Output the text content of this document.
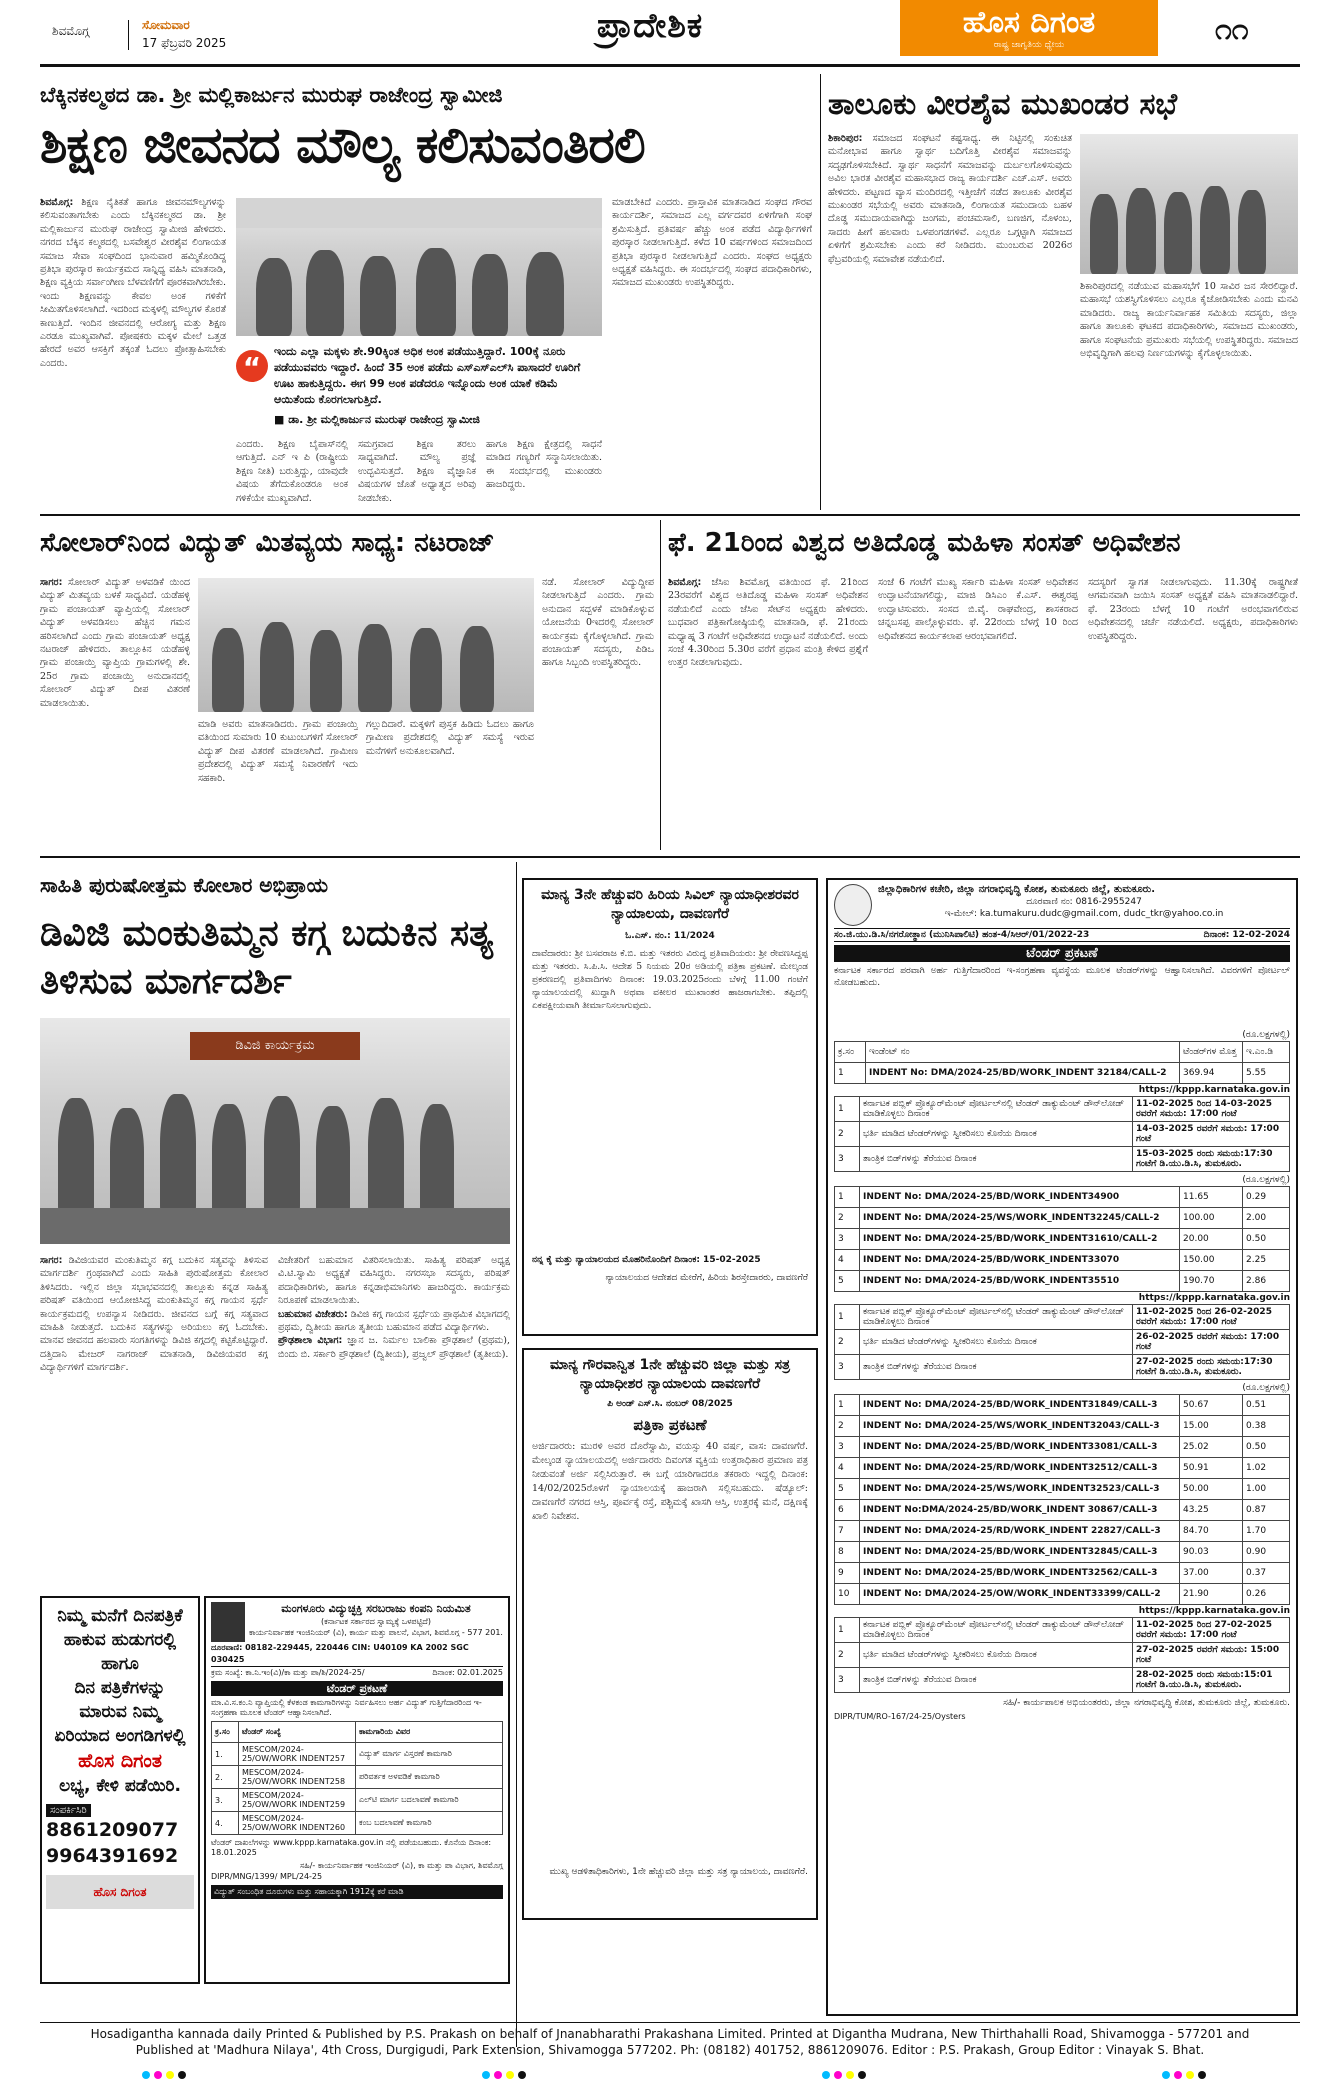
ಶಿವಮೊಗ್ಗ	ಸೋಮವಾರ
17 ಫೆಬ್ರವರಿ 2025	ಪ್ರಾದೇಶಿಕ	ಹೊಸ ದಿಗಂತ
ರಾಷ್ಟ್ರ ಜಾಗೃತಿಯ ಧ್ಯೇಯ	೧೧
ಬೆಕ್ಕಿನಕಲ್ಮಠದ ಡಾ. ಶ್ರೀ ಮಲ್ಲಿಕಾರ್ಜುನ ಮುರುಘ ರಾಜೇಂದ್ರ ಸ್ವಾಮೀಜಿ
ಶಿಕ್ಷಣ ಜೀವನದ ಮೌಲ್ಯ ಕಲಿಸುವಂತಿರಲಿ
ಶಿವಮೊಗ್ಗ: ಶಿಕ್ಷಣ ನೈತಿಕತೆ ಹಾಗೂ ಜೀವನಮೌಲ್ಯಗಳನ್ನು ಕಲಿಸುವಂತಾಗಬೇಕು ಎಂದು ಬೆಕ್ಕಿನಕಲ್ಮಠದ ಡಾ. ಶ್ರೀ ಮಲ್ಲಿಕಾರ್ಜುನ ಮುರುಘ ರಾಜೇಂದ್ರ ಸ್ವಾಮೀಜಿ ಹೇಳಿದರು. ನಗರದ ಬೆಕ್ಕಿನ ಕಲ್ಮಠದಲ್ಲಿ ಬಸವೇಶ್ವರ ವೀರಶೈವ ಲಿಂಗಾಯತ ಸಮಾಜ ಸೇವಾ ಸಂಘದಿಂದ ಭಾನುವಾರ ಹಮ್ಮಿಕೊಂಡಿದ್ದ ಪ್ರತಿಭಾ ಪುರಸ್ಕಾರ ಕಾರ್ಯಕ್ರಮದ ಸಾನ್ನಿಧ್ಯ ವಹಿಸಿ ಮಾತನಾಡಿ, ಶಿಕ್ಷಣ ವ್ಯಕ್ತಿಯ ಸರ್ವಾಂಗೀಣ ಬೆಳವಣಿಗೆಗೆ ಪೂರಕವಾಗಿರಬೇಕು. ಇಂದು ಶಿಕ್ಷಣವನ್ನು ಕೇವಲ ಅಂಕ ಗಳಿಕೆಗೆ ಸೀಮಿತಗೊಳಿಸಲಾಗಿದೆ. ಇದರಿಂದ ಮಕ್ಕಳಲ್ಲಿ ಮೌಲ್ಯಗಳ ಕೊರತೆ ಕಾಣುತ್ತಿದೆ. ಇಂದಿನ ಜೀವನದಲ್ಲಿ ಆರೋಗ್ಯ ಮತ್ತು ಶಿಕ್ಷಣ ಎರಡೂ ಮುಖ್ಯವಾಗಿವೆ. ಪೋಷಕರು ಮಕ್ಕಳ ಮೇಲೆ ಒತ್ತಡ ಹೇರದೆ ಅವರ ಆಸಕ್ತಿಗೆ ತಕ್ಕಂತೆ ಓದಲು ಪ್ರೋತ್ಸಾಹಿಸಬೇಕು ಎಂದರು.	“	ಇಂದು ಎಲ್ಲಾ ಮಕ್ಕಳು ಶೇ.90ಕ್ಕಿಂತ ಅಧಿಕ ಅಂಕ ಪಡೆಯುತ್ತಿದ್ದಾರೆ. 100ಕ್ಕೆ ನೂರು ಪಡೆಯುವವರು ಇದ್ದಾರೆ. ಹಿಂದೆ 35 ಅಂಕ ಪಡೆದು ಎಸ್‌ಎಸ್‌ಎಲ್‌ಸಿ ಪಾಸಾದರೆ ಊರಿಗೆ ಊಟ ಹಾಕುತ್ತಿದ್ದರು. ಈಗ 99 ಅಂಕ ಪಡೆದರೂ ಇನ್ನೊಂದು ಅಂಕ ಯಾಕೆ ಕಡಿಮೆ ಆಯಿತೆಂದು ಕೊರಗಲಾಗುತ್ತಿದೆ.
■ ಡಾ. ಶ್ರೀ ಮಲ್ಲಿಕಾರ್ಜುನ ಮುರುಘ ರಾಜೇಂದ್ರ ಸ್ವಾಮೀಜಿ
ಮಾಡಬೇಕಿದೆ ಎಂದರು. ಪ್ರಾಸ್ತಾವಿಕ ಮಾತನಾಡಿದ ಸಂಘದ ಗೌರವ ಕಾರ್ಯದರ್ಶಿ, ಸಮಾಜದ ಎಲ್ಲ ವರ್ಗದವರ ಏಳಿಗೆಗಾಗಿ ಸಂಘ ಶ್ರಮಿಸುತ್ತಿದೆ. ಪ್ರತಿವರ್ಷ ಹೆಚ್ಚು ಅಂಕ ಪಡೆದ ವಿದ್ಯಾರ್ಥಿಗಳಿಗೆ ಪುರಸ್ಕಾರ ನೀಡಲಾಗುತ್ತಿದೆ. ಕಳೆದ 10 ವರ್ಷಗಳಿಂದ ಸಮಾಜದಿಂದ ಪ್ರತಿಭಾ ಪುರಸ್ಕಾರ ನೀಡಲಾಗುತ್ತಿದೆ ಎಂದರು. ಸಂಘದ ಅಧ್ಯಕ್ಷರು ಅಧ್ಯಕ್ಷತೆ ವಹಿಸಿದ್ದರು. ಈ ಸಂದರ್ಭದಲ್ಲಿ ಸಂಘದ ಪದಾಧಿಕಾರಿಗಳು, ಸಮಾಜದ ಮುಖಂಡರು ಉಪಸ್ಥಿತರಿದ್ದರು.
ಎಂದರು. ಶಿಕ್ಷಣ ಬೈಪಾಸ್‌ನಲ್ಲಿ ಆಗುತ್ತಿದೆ. ಎನ್ ಇ ಪಿ (ರಾಷ್ಟ್ರೀಯ ಶಿಕ್ಷಣ ನೀತಿ) ಬರುತ್ತಿದ್ದು, ಯಾವುದೇ ವಿಷಯ ತೆಗೆದುಕೊಂಡರೂ ಅಂಕ ಗಳಿಕೆಯೇ ಮುಖ್ಯವಾಗಿದೆ.
ಸಮಗ್ರವಾದ ಶಿಕ್ಷಣ ತರಲು ಸಾಧ್ಯವಾಗಿದೆ. ಮೌಲ್ಯ ಪ್ರಜ್ಞೆ ಉದ್ಭವಿಸುತ್ತದೆ. ಶಿಕ್ಷಣ ವೈಜ್ಞಾನಿಕ ವಿಷಯಗಳ ಜೊತೆ ಅಧ್ಯಾತ್ಮದ ಅರಿವು ನೀಡಬೇಕು.
ಹಾಗೂ ಶಿಕ್ಷಣ ಕ್ಷೇತ್ರದಲ್ಲಿ ಸಾಧನೆ ಮಾಡಿದ ಗಣ್ಯರಿಗೆ ಸನ್ಮಾನಿಸಲಾಯಿತು. ಈ ಸಂದರ್ಭದಲ್ಲಿ ಮುಖಂಡರು ಹಾಜರಿದ್ದರು.
ತಾಲೂಕು ವೀರಶೈವ ಮುಖಂಡರ ಸಭೆ
ಶಿಕಾರಿಪುರ: ಸಮಾಜದ ಸಂಘಟನೆ ಕಷ್ಟಸಾಧ್ಯ. ಈ ನಿಟ್ಟಿನಲ್ಲಿ ಸಂಕುಚಿತ ಮನೋಭಾವ ಹಾಗೂ ಸ್ವಾರ್ಥ ಬದಿಗೊತ್ತಿ ವೀರಶೈವ ಸಮಾಜವನ್ನು ಸದೃಢಗೊಳಿಸಬೇಕಿದೆ. ಸ್ವಾರ್ಥ ಸಾಧನೆಗೆ ಸಮಾಜವನ್ನು ದುರ್ಬಲಗೊಳಿಸುವುದು ಅವಿಲ ಭಾರತ ವೀರಶೈವ ಮಹಾಸಭಾದ ರಾಜ್ಯ ಕಾರ್ಯದರ್ಶಿ ಎಚ್.ಎಸ್. ಅವರು ಹೇಳಿದರು. ಪಟ್ಟಣದ ವ್ಯಾಸ ಮಂದಿರದಲ್ಲಿ ಇತ್ತೀಚೆಗೆ ನಡೆದ ತಾಲೂಕು ವೀರಶೈವ ಮುಖಂಡರ ಸಭೆಯಲ್ಲಿ ಅವರು ಮಾತನಾಡಿ, ಲಿಂಗಾಯತ ಸಮುದಾಯ ಬಹಳ ದೊಡ್ಡ ಸಮುದಾಯವಾಗಿದ್ದು ಜಂಗಮ, ಪಂಚಮಸಾಲಿ, ಬಣಜಿಗ, ನೊಳಂಬ, ಸಾದರು ಹೀಗೆ ಹಲವಾರು ಒಳಪಂಗಡಗಳಿವೆ. ಎಲ್ಲರೂ ಒಗ್ಗಟ್ಟಾಗಿ ಸಮಾಜದ ಏಳಿಗೆಗೆ ಶ್ರಮಿಸಬೇಕು ಎಂದು ಕರೆ ನೀಡಿದರು. ಮುಂಬರುವ 2026ರ ಫೆಬ್ರವರಿಯಲ್ಲಿ ಸಮಾವೇಶ ನಡೆಯಲಿದೆ.
ಶಿಕಾರಿಪುರದಲ್ಲಿ ನಡೆಯುವ ಮಹಾಸಭೆಗೆ 10 ಸಾವಿರ ಜನ ಸೇರಲಿದ್ದಾರೆ. ಮಹಾಸಭೆ ಯಶಸ್ವಿಗೊಳಿಸಲು ಎಲ್ಲರೂ ಕೈಜೋಡಿಸಬೇಕು ಎಂದು ಮನವಿ ಮಾಡಿದರು. ರಾಜ್ಯ ಕಾರ್ಯನಿರ್ವಾಹಕ ಸಮಿತಿಯ ಸದಸ್ಯರು, ಜಿಲ್ಲಾ ಹಾಗೂ ತಾಲೂಕು ಘಟಕದ ಪದಾಧಿಕಾರಿಗಳು, ಸಮಾಜದ ಮುಖಂಡರು, ಹಾಗೂ ಸಂಘಟನೆಯ ಪ್ರಮುಖರು ಸಭೆಯಲ್ಲಿ ಉಪಸ್ಥಿತರಿದ್ದರು. ಸಮಾಜದ ಅಭಿವೃದ್ಧಿಗಾಗಿ ಹಲವು ನಿರ್ಣಯಗಳನ್ನು ಕೈಗೊಳ್ಳಲಾಯಿತು.
ಸೋಲಾರ್‌ನಿಂದ ವಿದ್ಯುತ್ ಮಿತವ್ಯಯ ಸಾಧ್ಯ: ನಟರಾಜ್
ಸಾಗರ: ಸೋಲಾರ್ ವಿದ್ಯುತ್ ಅಳವಡಿಕೆ ಯಿಂದ ವಿದ್ಯುತ್ ಮಿತವ್ಯಯ ಬಳಕೆ ಸಾಧ್ಯವಿದೆ. ಯಡೆಹಳ್ಳಿ ಗ್ರಾಮ ಪಂಚಾಯತ್ ವ್ಯಾಪ್ತಿಯಲ್ಲಿ ಸೋಲಾರ್ ವಿದ್ಯುತ್ ಅಳವಡಿಸಲು ಹೆಚ್ಚಿನ ಗಮನ ಹರಿಸಲಾಗಿದೆ ಎಂದು ಗ್ರಾಮ ಪಂಚಾಯತ್ ಅಧ್ಯಕ್ಷ ನಟರಾಜ್ ಹೇಳಿದರು. ತಾಲ್ಲೂಕಿನ ಯಡೆಹಳ್ಳಿ ಗ್ರಾಮ ಪಂಚಾಯ್ತಿ ವ್ಯಾಪ್ತಿಯ ಗ್ರಾಮಗಳಲ್ಲಿ ಶೇ. 25ರ ಗ್ರಾಮ ಪಂಚಾಯ್ತಿ ಅನುದಾನದಲ್ಲಿ ಸೋಲಾರ್ ವಿದ್ಯುತ್ ದೀಪ ವಿತರಣೆ ಮಾಡಲಾಯಿತು.
ಮಾಡಿ ಅವರು ಮಾತನಾಡಿದರು. ಗ್ರಾಮ ಪಂಚಾಯ್ತಿ ವತಿಯಿಂದ ಸುಮಾರು 10 ಕುಟುಂಬಗಳಿಗೆ ಸೋಲಾರ್ ವಿದ್ಯುತ್ ದೀಪ ವಿತರಣೆ ಮಾಡಲಾಗಿದೆ. ಗ್ರಾಮೀಣ ಪ್ರದೇಶದಲ್ಲಿ ವಿದ್ಯುತ್ ಸಮಸ್ಯೆ ನಿವಾರಣೆಗೆ ಇದು ಸಹಕಾರಿ.
ಗಲ್ಲುದಿದಾರೆ. ಮಕ್ಕಳಿಗೆ ಪುಸ್ತಕ ಹಿಡಿದು ಓದಲು ಹಾಗೂ ಗ್ರಾಮೀಣ ಪ್ರದೇಶದಲ್ಲಿ ವಿದ್ಯುತ್ ಸಮಸ್ಯೆ ಇರುವ ಮನೆಗಳಿಗೆ ಅನುಕೂಲವಾಗಿದೆ.
ನಡೆ. ಸೋಲಾರ್ ವಿದ್ಯುದ್ದೀಪ ನೀಡಲಾಗುತ್ತಿದೆ ಎಂದರು. ಗ್ರಾಮ ಅನುದಾನ ಸದ್ಬಳಕೆ ಮಾಡಿಕೊಳ್ಳುವ ಯೋಜನೆಯ 0ಇದರಲ್ಲಿ ಸೋಲಾರ್ ಕಾರ್ಯಕ್ರಮ ಕೈಗೊಳ್ಳಲಾಗಿದೆ. ಗ್ರಾಮ ಪಂಚಾಯತ್ ಸದಸ್ಯರು, ಪಿಡಿಒ ಹಾಗೂ ಸಿಬ್ಬಂದಿ ಉಪಸ್ಥಿತರಿದ್ದರು.
ಫೆ. 21ರಿಂದ ವಿಶ್ವದ ಅತಿದೊಡ್ಡ ಮಹಿಳಾ ಸಂಸತ್ ಅಧಿವೇಶನ
ಶಿವಮೊಗ್ಗ: ಜೆಸಿಐ ಶಿವಮೊಗ್ಗ ವತಿಯಿಂದ ಫೆ. 21ರಿಂದ 23ರವರೆಗೆ ವಿಶ್ವದ ಅತಿದೊಡ್ಡ ಮಹಿಳಾ ಸಂಸತ್ ಅಧಿವೇಶನ ನಡೆಯಲಿದೆ ಎಂದು ಜೆಸಿಐ ಸೇಟ್‌ನ ಅಧ್ಯಕ್ಷರು ಹೇಳಿದರು. ಬುಧವಾರ ಪತ್ರಿಕಾಗೋಷ್ಠಿಯಲ್ಲಿ ಮಾತನಾಡಿ, ಫೆ. 21ರಂದು ಮಧ್ಯಾಹ್ನ 3 ಗಂಟೆಗೆ ಅಧಿವೇಶನದ ಉದ್ಘಾಟನೆ ನಡೆಯಲಿದೆ. ಅಂದು ಸಂಜೆ 4.30ರಿಂದ 5.30ರ ವರೆಗೆ ಪ್ರಧಾನ ಮಂತ್ರಿ ಕೇಳಿದ ಪ್ರಶ್ನೆಗೆ ಉತ್ತರ ನೀಡಲಾಗುವುದು.
ಸಂಜೆ 6 ಗಂಟೆಗೆ ಮುಖ್ಯ ಸರ್ಕಾರಿ ಮಹಿಳಾ ಸಂಸತ್ ಅಧಿವೇಶನ ಉದ್ಘಾಟನೆಯಾಗಲಿದ್ದು, ಮಾಜಿ ಡಿಸಿಎಂ ಕೆ.ಎಸ್. ಈಶ್ವರಪ್ಪ ಉದ್ಘಾಟಿಸುವರು. ಸಂಸದ ಬಿ.ವೈ. ರಾಘವೇಂದ್ರ, ಶಾಸಕರಾದ ಚನ್ನಬಸಪ್ಪ ಪಾಲ್ಗೊಳ್ಳುವರು. ಫೆ. 22ರಂದು ಬೆಳಗ್ಗೆ 10 ರಿಂದ ಅಧಿವೇಶನದ ಕಾರ್ಯಕಲಾಪ ಆರಂಭವಾಗಲಿದೆ.
ಸದಸ್ಯರಿಗೆ ಸ್ವಾಗತ ನೀಡಲಾಗುವುದು. 11.30ಕ್ಕೆ ರಾಷ್ಟ್ರಗೀತೆ ಆಗಮನವಾಗಿ ಜಯಿಸಿ ಸಂಸತ್ ಅಧ್ಯಕ್ಷತೆ ವಹಿಸಿ ಮಾತನಾಡಲಿದ್ದಾರೆ. ಫೆ. 23ರಂದು ಬೆಳಗ್ಗೆ 10 ಗಂಟೆಗೆ ಅರಂಭವಾಗಲಿರುವ ಅಧಿವೇಶನದಲ್ಲಿ ಚರ್ಚೆ ನಡೆಯಲಿದೆ. ಅಧ್ಯಕ್ಷರು, ಪದಾಧಿಕಾರಿಗಳು ಉಪಸ್ಥಿತರಿದ್ದರು.
ಸಾಹಿತಿ ಪುರುಷೋತ್ತಮ ಕೋಲಾರ ಅಭಿಪ್ರಾಯ
ಡಿವಿಜಿ ಮಂಕುತಿಮ್ಮನ ಕಗ್ಗ ಬದುಕಿನ ಸತ್ಯ ತಿಳಿಸುವ ಮಾರ್ಗದರ್ಶಿ
ಡಿವಿಜಿ ಕಾರ್ಯಕ್ರಮ
ಸಾಗರ: ಡಿವಿಜಿಯವರ ಮಂಕುತಿಮ್ಮನ ಕಗ್ಗ ಬದುಕಿನ ಸತ್ಯವನ್ನು ತಿಳಿಸುವ ಮಾರ್ಗದರ್ಶಿ ಗ್ರಂಥವಾಗಿದೆ ಎಂದು ಸಾಹಿತಿ ಪುರುಷೋತ್ತಮ ಕೋಲಾರ ತಿಳಿಸಿದರು. ಇಲ್ಲಿನ ಜಿಲ್ಲಾ ಸಭಾಭವನದಲ್ಲಿ ತಾಲ್ಲೂಕು ಕನ್ನಡ ಸಾಹಿತ್ಯ ಪರಿಷತ್ ವತಿಯಿಂದ ಆಯೋಜಿಸಿದ್ದ ಮಂಕುತಿಮ್ಮನ ಕಗ್ಗ ಗಾಯನ ಸ್ಪರ್ಧೆ ಕಾರ್ಯಕ್ರಮದಲ್ಲಿ ಉಪನ್ಯಾಸ ನೀಡಿದರು. ಜೀವನದ ಬಗ್ಗೆ ಕಗ್ಗ ಸತ್ಯವಾದ ಮಾಹಿತಿ ನೀಡುತ್ತದೆ. ಬದುಕಿನ ಸತ್ಯಗಳನ್ನು ಅರಿಯಲು ಕಗ್ಗ ಓದಬೇಕು. ಮಾನವ ಜೀವನದ ಹಲವಾರು ಸಂಗತಿಗಳನ್ನು ಡಿವಿಜಿ ಕಗ್ಗದಲ್ಲಿ ಕಟ್ಟಿಕೊಟ್ಟಿದ್ದಾರೆ. ದತ್ತಿದಾನಿ ಮೇಜರ್ ನಾಗರಾಜ್ ಮಾತನಾಡಿ, ಡಿವಿಜಿಯವರ ಕಗ್ಗ ವಿದ್ಯಾರ್ಥಿಗಳಿಗೆ ಮಾರ್ಗದರ್ಶಿ.
ವಿಜೇತರಿಗೆ ಬಹುಮಾನ ವಿತರಿಸಲಾಯಿತು. ಸಾಹಿತ್ಯ ಪರಿಷತ್ ಅಧ್ಯಕ್ಷ ವಿ.ಟಿ.ಸ್ವಾಮಿ ಅಧ್ಯಕ್ಷತೆ ವಹಿಸಿದ್ದರು. ನಗರಸಭಾ ಸದಸ್ಯರು, ಪರಿಷತ್ ಪದಾಧಿಕಾರಿಗಳು, ಹಾಗೂ ಕನ್ನಡಾಭಿಮಾನಿಗಳು ಹಾಜರಿದ್ದರು. ಕಾರ್ಯಕ್ರಮ ನಿರೂಪಣೆ ಮಾಡಲಾಯಿತು.
ಬಹುಮಾನ ವಿಜೇತರು: ಡಿವಿಜಿ ಕಗ್ಗ ಗಾಯನ ಸ್ಪರ್ಧೆಯ ಪ್ರಾಥಮಿಕ ವಿಭಾಗದಲ್ಲಿ ಪ್ರಥಮ, ದ್ವಿತೀಯ ಹಾಗೂ ತೃತೀಯ ಬಹುಮಾನ ಪಡೆದ ವಿದ್ಯಾರ್ಥಿಗಳು.
ಪ್ರೌಢಶಾಲಾ ವಿಭಾಗ: ಜ್ಞಾನ ಜ. ನಿರ್ಮಲ ಬಾಲಿಕಾ ಪ್ರೌಢಶಾಲೆ (ಪ್ರಥಮ), ಬಿಂದು ಬಿ. ಸರ್ಕಾರಿ ಪ್ರೌಢಶಾಲೆ (ದ್ವಿತೀಯ), ಪ್ರಜ್ವಲ್ ಪ್ರೌಢಶಾಲೆ (ತೃತೀಯ).
ಮಾನ್ಯ 3ನೇ ಹೆಚ್ಚುವರಿ ಹಿರಿಯ ಸಿವಿಲ್ ನ್ಯಾಯಾಧೀಶರವರ ನ್ಯಾಯಾಲಯ, ದಾವಣಗೆರೆ
ಓ.ಎಸ್. ನಂ.: 11/2024
ದಾವೆದಾರರು: ಶ್ರೀ ಬಸವರಾಜ ಕೆ.ಬಿ. ಮತ್ತು ಇತರರು ವಿರುದ್ಧ ಪ್ರತಿವಾದಿಯರು: ಶ್ರೀ ರೇವಣಸಿದ್ದಪ್ಪ ಮತ್ತು ಇತರರು. ಸಿ.ಪಿ.ಸಿ. ಆದೇಶ 5 ನಿಯಮ 20ರ ಅಡಿಯಲ್ಲಿ ಪತ್ರಿಕಾ ಪ್ರಕಟಣೆ. ಮೇಲ್ಕಂಡ ಪ್ರಕರಣದಲ್ಲಿ ಪ್ರತಿವಾದಿಗಳು ದಿನಾಂಕ: 19.03.2025ರಂದು ಬೆಳಗ್ಗೆ 11.00 ಗಂಟೆಗೆ ನ್ಯಾಯಾಲಯದಲ್ಲಿ ಖುದ್ದಾಗಿ ಅಥವಾ ವಕೀಲರ ಮುಖಾಂತರ ಹಾಜರಾಗಬೇಕು. ತಪ್ಪಿದಲ್ಲಿ ಏಕಪಕ್ಷೀಯವಾಗಿ ತೀರ್ಮಾನಿಸಲಾಗುವುದು.
ನನ್ನ ಕೈ ಮತ್ತು ನ್ಯಾಯಾಲಯದ ಮೊಹರಿನೊಂದಿಗೆ ದಿನಾಂಕ: 15-02-2025
ನ್ಯಾಯಾಲಯದ ಆದೇಶದ ಮೇರೆಗೆ, ಹಿರಿಯ ಶಿರಸ್ತೇದಾರರು, ದಾವಣಗೆರೆ
ಮಾನ್ಯ ಗೌರವಾನ್ವಿತ 1ನೇ ಹೆಚ್ಚುವರಿ ಜಿಲ್ಲಾ ಮತ್ತು ಸತ್ರ ನ್ಯಾಯಾಧೀಶರ ನ್ಯಾಯಾಲಯ ದಾವಣಗೆರೆ
ಪಿ ಅಂಡ್ ಎಸ್.ಸಿ. ನಂಬರ್ 08/2025
ಪತ್ರಿಕಾ ಪ್ರಕಟಣೆ
ಅರ್ಜಿದಾರರು: ಮುರಳಿ ಅವರ ದೊರೆಸ್ವಾಮಿ, ವಯಸ್ಸು 40 ವರ್ಷ, ವಾಸ: ದಾವಣಗೆರೆ. ಮೇಲ್ಕಂಡ ನ್ಯಾಯಾಲಯದಲ್ಲಿ ಅರ್ಜಿದಾರರು ದಿವಂಗತ ವ್ಯಕ್ತಿಯ ಉತ್ತರಾಧಿಕಾರ ಪ್ರಮಾಣ ಪತ್ರ ನೀಡುವಂತೆ ಅರ್ಜಿ ಸಲ್ಲಿಸಿರುತ್ತಾರೆ. ಈ ಬಗ್ಗೆ ಯಾರಿಗಾದರೂ ತಕರಾರು ಇದ್ದಲ್ಲಿ ದಿನಾಂಕ: 14/02/2025ರೊಳಗೆ ನ್ಯಾಯಾಲಯಕ್ಕೆ ಹಾಜರಾಗಿ ಸಲ್ಲಿಸಬಹುದು. ಷೆಡ್ಯೂಲ್: ದಾವಣಗೆರೆ ನಗರದ ಆಸ್ತಿ, ಪೂರ್ವಕ್ಕೆ ರಸ್ತೆ, ಪಶ್ಚಿಮಕ್ಕೆ ಖಾಸಗಿ ಆಸ್ತಿ, ಉತ್ತರಕ್ಕೆ ಮನೆ, ದಕ್ಷಿಣಕ್ಕೆ ಖಾಲಿ ನಿವೇಶನ.
ಮುಖ್ಯ ಆಡಳಿತಾಧಿಕಾರಿಗಳು, 1ನೇ ಹೆಚ್ಚುವರಿ ಜಿಲ್ಲಾ ಮತ್ತು ಸತ್ರ ನ್ಯಾಯಾಲಯ, ದಾವಣಗೆರೆ.
ಜಿಲ್ಲಾಧಿಕಾರಿಗಳ ಕಚೇರಿ, ಜಿಲ್ಲಾ ನಗರಾಭಿವೃದ್ಧಿ ಕೋಶ, ತುಮಕೂರು ಜಿಲ್ಲೆ, ತುಮಕೂರು.
ದೂರವಾಣಿ ನಂ: 0816-2955247
ಇ-ಮೇಲ್: ka.tumakuru.dudc@gmail.com, dudc_tkr@yahoo.co.in
ಸಂ.ಜಿ.ಯು.ಡಿ.ಸಿ/ನಗರೋತ್ಥಾನ (ಮುನಿಸಿಪಾಲಿಟಿ) ಹಂತ-4/ಸಿಆರ್/01/2022-23	ದಿನಾಂಕ: 12-02-2024
ಟೆಂಡರ್ ಪ್ರಕಟಣೆ
ಕರ್ನಾಟಕ ಸರ್ಕಾರದ ಪರವಾಗಿ ಅರ್ಹ ಗುತ್ತಿಗೆದಾರರಿಂದ ಇ-ಸಂಗ್ರಹಣಾ ವ್ಯವಸ್ಥೆಯ ಮೂಲಕ ಟೆಂಡರ್‌ಗಳನ್ನು ಆಹ್ವಾನಿಸಲಾಗಿದೆ. ವಿವರಗಳಿಗೆ ಪೋರ್ಟಲ್ ನೋಡಬಹುದು.
(ರೂ.ಲಕ್ಷಗಳಲ್ಲಿ)
ಕ್ರ.ಸಂ	ಇಂಡೆಂಟ್ ನಂ	ಟೆಂಡರ್‌ಗಳ ಮೊತ್ತ	ಇ.ಎಂ.ಡಿ
1	INDENT No: DMA/2024-25/BD/WORK_INDENT 32184/CALL-2	369.94	5.55
https://kppp.karnataka.gov.in
1	ಕರ್ನಾಟಕ ಪಬ್ಲಿಕ್ ಪ್ರೊಕ್ಯೂರ್‌ಮೆಂಟ್ ಪೋರ್ಟಲ್‌ನಲ್ಲಿ ಟೆಂಡರ್ ಡಾಕ್ಯುಮೆಂಟ್ ಡೌನ್‌ಲೋಡ್ ಮಾಡಿಕೊಳ್ಳಲು ದಿನಾಂಕ	11-02-2025 ರಿಂದ 14-03-2025 ರವರೆಗೆ ಸಮಯ: 17:00 ಗಂಟೆ
2	ಭರ್ತಿ ಮಾಡಿದ ಟೆಂಡರ್‌ಗಳನ್ನು ಸ್ವೀಕರಿಸಲು ಕೊನೆಯ ದಿನಾಂಕ	14-03-2025 ರವರೆಗೆ ಸಮಯ: 17:00 ಗಂಟೆ
3	ತಾಂತ್ರಿಕ ಬಿಡ್‌ಗಳನ್ನು ತೆರೆಯುವ ದಿನಾಂಕ	15-03-2025 ರಂದು ಸಮಯ:17:30 ಗಂಟೆಗೆ ಡಿ.ಯು.ಡಿ.ಸಿ, ತುಮಕೂರು.
(ರೂ.ಲಕ್ಷಗಳಲ್ಲಿ)
1	INDENT No: DMA/2024-25/BD/WORK_INDENT34900	11.65	0.29
2	INDENT No: DMA/2024-25/WS/WORK_INDENT32245/CALL-2	100.00	2.00
3	INDENT No: DMA/2024-25/BD/WORK_INDENT31610/CALL-2	20.00	0.50
4	INDENT No: DMA/2024-25/BD/WORK_INDENT33070	150.00	2.25
5	INDENT No: DMA/2024-25/BD/WORK_INDENT35510	190.70	2.86
https://kppp.karnataka.gov.in
1	ಕರ್ನಾಟಕ ಪಬ್ಲಿಕ್ ಪ್ರೊಕ್ಯೂರ್‌ಮೆಂಟ್ ಪೋರ್ಟಲ್‌ನಲ್ಲಿ ಟೆಂಡರ್ ಡಾಕ್ಯುಮೆಂಟ್ ಡೌನ್‌ಲೋಡ್ ಮಾಡಿಕೊಳ್ಳಲು ದಿನಾಂಕ	11-02-2025 ರಿಂದ 26-02-2025 ರವರೆಗೆ ಸಮಯ: 17:00 ಗಂಟೆ
2	ಭರ್ತಿ ಮಾಡಿದ ಟೆಂಡರ್‌ಗಳನ್ನು ಸ್ವೀಕರಿಸಲು ಕೊನೆಯ ದಿನಾಂಕ	26-02-2025 ರವರೆಗೆ ಸಮಯ: 17:00 ಗಂಟೆ
3	ತಾಂತ್ರಿಕ ಬಿಡ್‌ಗಳನ್ನು ತೆರೆಯುವ ದಿನಾಂಕ	27-02-2025 ರಂದು ಸಮಯ:17:30 ಗಂಟೆಗೆ ಡಿ.ಯು.ಡಿ.ಸಿ, ತುಮಕೂರು.
(ರೂ.ಲಕ್ಷಗಳಲ್ಲಿ)
1	INDENT No: DMA/2024-25/BD/WORK_INDENT31849/CALL-3	50.67	0.51
2	INDENT No: DMA/2024-25/WS/WORK_INDENT32043/CALL-3	15.00	0.38
3	INDENT No: DMA/2024-25/BD/WORK_INDENT33081/CALL-3	25.02	0.50
4	INDENT No: DMA/2024-25/RD/WORK_INDENT32512/CALL-3	50.91	1.02
5	INDENT No: DMA/2024-25/WS/WORK_INDENT32523/CALL-3	50.00	1.00
6	INDENT No:DMA/2024-25/BD/WORK_INDENT 30867/CALL-3	43.25	0.87
7	INDENT No: DMA/2024-25/RD/WORK_INDENT 22827/CALL-3	84.70	1.70
8	INDENT No: DMA/2024-25/BD/WORK_INDENT32845/CALL-3	90.03	0.90
9	INDENT No: DMA/2024-25/BD/WORK_INDENT32562/CALL-3	37.00	0.37
10	INDENT No: DMA/2024-25/OW/WORK_INDENT33399/CALL-2	21.90	0.26
https://kppp.karnataka.gov.in
1	ಕರ್ನಾಟಕ ಪಬ್ಲಿಕ್ ಪ್ರೊಕ್ಯೂರ್‌ಮೆಂಟ್ ಪೋರ್ಟಲ್‌ನಲ್ಲಿ ಟೆಂಡರ್ ಡಾಕ್ಯುಮೆಂಟ್ ಡೌನ್‌ಲೋಡ್ ಮಾಡಿಕೊಳ್ಳಲು ದಿನಾಂಕ	11-02-2025 ರಿಂದ 27-02-2025 ರವರೆಗೆ ಸಮಯ: 17:00 ಗಂಟೆ
2	ಭರ್ತಿ ಮಾಡಿದ ಟೆಂಡರ್‌ಗಳನ್ನು ಸ್ವೀಕರಿಸಲು ಕೊನೆಯ ದಿನಾಂಕ	27-02-2025 ರವರೆಗೆ ಸಮಯ: 15:00 ಗಂಟೆ
3	ತಾಂತ್ರಿಕ ಬಿಡ್‌ಗಳನ್ನು ತೆರೆಯುವ ದಿನಾಂಕ	28-02-2025 ರಂದು ಸಮಯ:15:01 ಗಂಟೆಗೆ ಡಿ.ಯು.ಡಿ.ಸಿ, ತುಮಕೂರು.
ಸಹಿ/- ಕಾರ್ಯಪಾಲಕ ಅಭಿಯಂತರರು, ಜಿಲ್ಲಾ ನಗರಾಭಿವೃದ್ಧಿ ಕೋಶ, ತುಮಕೂರು ಜಿಲ್ಲೆ, ತುಮಕೂರು.
DIPR/TUM/RO-167/24-25/Oysters
ನಿಮ್ಮ ಮನೆಗೆ ದಿನಪತ್ರಿಕೆ
ಹಾಕುವ ಹುಡುಗರಲ್ಲಿ
ಹಾಗೂ
ದಿನ ಪತ್ರಿಕೆಗಳನ್ನು
ಮಾರುವ ನಿಮ್ಮ
ಏರಿಯಾದ ಅಂಗಡಿಗಳಲ್ಲಿ
ಹೊಸ ದಿಗಂತ
ಲಭ್ಯ, ಕೇಳಿ ಪಡೆಯಿರಿ.
ಸಂಪರ್ಕಿಸಿರಿ
8861209077
9964391692
ಹೊಸ ದಿಗಂತ
ಮಂಗಳೂರು ವಿದ್ಯುಚ್ಛಕ್ತಿ ಸರಬರಾಜು ಕಂಪನಿ ನಿಯಮಿತ
(ಕರ್ನಾಟಕ ಸರ್ಕಾರದ ಸ್ವಾಮ್ಯಕ್ಕೆ ಒಳಪಟ್ಟಿದೆ)
ಕಾರ್ಯನಿರ್ವಾಹಕ ಇಂಜಿನಿಯರ್ (ವಿ), ಕಾರ್ಯ ಮತ್ತು ಪಾಲನೆ, ವಿಭಾಗ, ಶಿವಮೊಗ್ಗ - 577 201.
ದೂರವಾಣಿ: 08182-229445, 220446 CIN: U40109 KA 2002 SGC 030425
ಕ್ರಮ ಸಂಖ್ಯೆ: ಕಾ.ನಿ.ಇಂ(ವಿ)/ಕಾ ಮತ್ತು ಪಾ/ಶಿ/2024-25/	ದಿನಾಂಕ: 02.01.2025
ಟೆಂಡರ್ ಪ್ರಕಟಣೆ
ಮಾ.ವಿ.ಸ.ಕಂ.ನಿ ವ್ಯಾಪ್ತಿಯಲ್ಲಿ ಕೆಳಕಂಡ ಕಾಮಗಾರಿಗಳನ್ನು ನಿರ್ವಹಿಸಲು ಅರ್ಹ ವಿದ್ಯುತ್ ಗುತ್ತಿಗೆದಾರರಿಂದ ಇ-ಸಂಗ್ರಹಣಾ ಮೂಲಕ ಟೆಂಡರ್ ಆಹ್ವಾನಿಸಲಾಗಿದೆ.
ಕ್ರ.ಸಂ	ಟೆಂಡರ್ ಸಂಖ್ಯೆ	ಕಾಮಗಾರಿಯ ವಿವರ
1.	MESCOM/2024-25/OW/WORK INDENT257	ವಿದ್ಯುತ್ ಮಾರ್ಗ ವಿಸ್ತರಣೆ ಕಾಮಗಾರಿ
2.	MESCOM/2024-25/OW/WORK INDENT258	ಪರಿವರ್ತಕ ಅಳವಡಿಕೆ ಕಾಮಗಾರಿ
3.	MESCOM/2024-25/OW/WORK INDENT259	ಎಲ್‌ಟಿ ಮಾರ್ಗ ಬದಲಾವಣೆ ಕಾಮಗಾರಿ
4.	MESCOM/2024-25/OW/WORK INDENT260	ಕಂಬ ಬದಲಾವಣೆ ಕಾಮಗಾರಿ
ಟೆಂಡರ್ ದಾಖಲೆಗಳನ್ನು www.kppp.karnataka.gov.in ನಲ್ಲಿ ಪಡೆಯಬಹುದು. ಕೊನೆಯ ದಿನಾಂಕ: 18.01.2025
ಸಹಿ/- ಕಾರ್ಯನಿರ್ವಾಹಕ ಇಂಜಿನಿಯರ್ (ವಿ), ಕಾ ಮತ್ತು ಪಾ ವಿಭಾಗ, ಶಿವಮೊಗ್ಗ
DIPR/MNG/1399/ MPL/24-25
ವಿದ್ಯುತ್ ಸಂಬಂಧಿತ ದೂರುಗಳು ಮತ್ತು ಸಹಾಯಕ್ಕಾಗಿ 1912ಕ್ಕೆ ಕರೆ ಮಾಡಿ
Hosadigantha kannada daily Printed & Published by P.S. Prakash on behalf of Jnanabharathi Prakashana Limited. Printed at Digantha Mudrana, New Thirthahalli Road, Shivamogga - 577201 and Published at 'Madhura Nilaya', 4th Cross, Durgigudi, Park Extension, Shivamogga 577202. Ph: (08182) 401752, 8861209076. Editor : P.S. Prakash, Group Editor : Vinayak S. Bhat.
